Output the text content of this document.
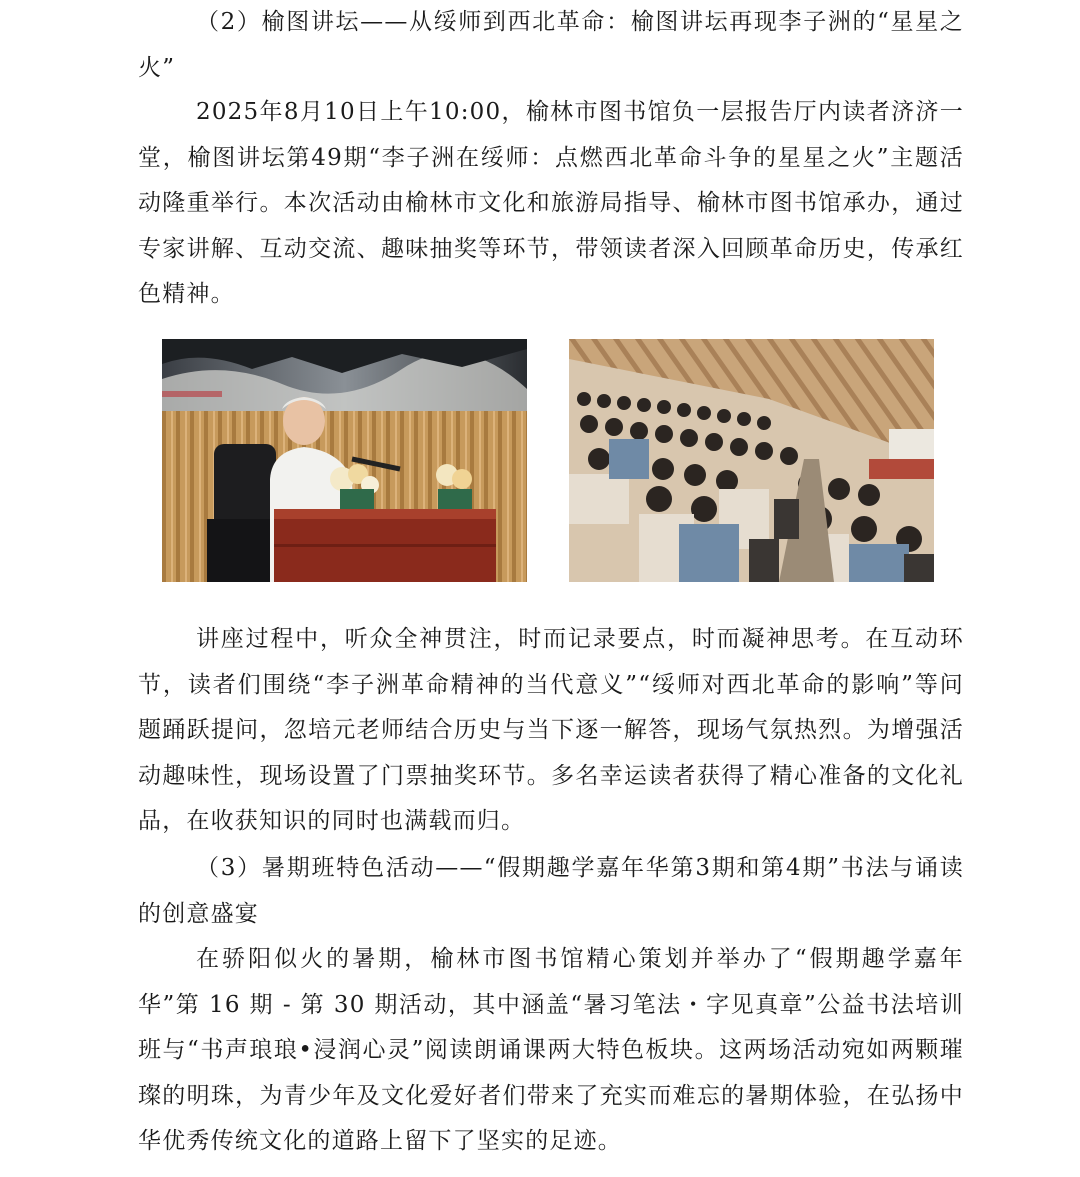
（2）榆图讲坛——从绥师到西北革命：榆图讲坛再现李子洲的“星星之火”

2025年8月10日上午10:00，榆林市图书馆负一层报告厅内读者济济一堂，榆图讲坛第49期“李子洲在绥师：点燃西北革命斗争的星星之火”主题活动隆重举行。本次活动由榆林市文化和旅游局指导、榆林市图书馆承办，通过专家讲解、互动交流、趣味抽奖等环节，带领读者深入回顾革命历史，传承红色精神。

讲座过程中，听众全神贯注，时而记录要点，时而凝神思考。在互动环节，读者们围绕“李子洲革命精神的当代意义”“绥师对西北革命的影响”等问题踊跃提问，忽培元老师结合历史与当下逐一解答，现场气氛热烈。为增强活动趣味性，现场设置了门票抽奖环节。多名幸运读者获得了精心准备的文化礼品，在收获知识的同时也满载而归。

（3）暑期班特色活动——“假期趣学嘉年华第3期和第4期”书法与诵读的创意盛宴

在骄阳似火的暑期，榆林市图书馆精心策划并举办了“假期趣学嘉年华”第 16 期 - 第 30 期活动，其中涵盖“暑习笔法・字见真章”公益书法培训班与“书声琅琅•浸润心灵”阅读朗诵课两大特色板块。这两场活动宛如两颗璀璨的明珠，为青少年及文化爱好者们带来了充实而难忘的暑期体验，在弘扬中华优秀传统文化的道路上留下了坚实的足迹。
